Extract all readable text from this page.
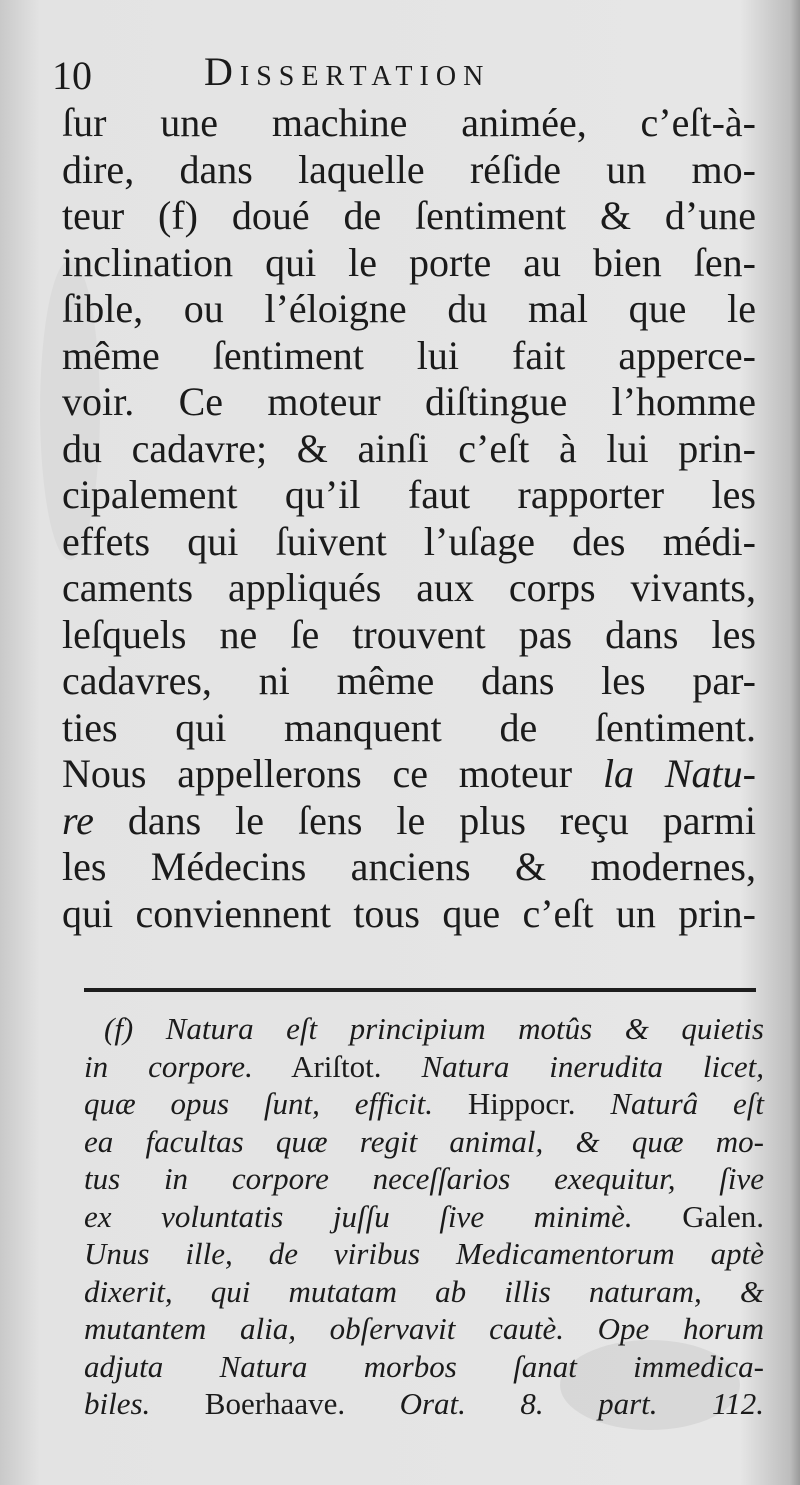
10	Dissertation
ſur une machine animée, c’eſt-à-
dire, dans laquelle réſide un mo-
teur (f) doué de ſentiment & d’une
inclination qui le porte au bien ſen-
ſible, ou l’éloigne du mal que le
même ſentiment lui fait apperce-
voir. Ce moteur diſtingue l’homme
du cadavre; & ainſi c’eſt à lui prin-
cipalement qu’il faut rapporter les
effets qui ſuivent l’uſage des médi-
caments appliqués aux corps vivants,
leſquels ne ſe trouvent pas dans les
cadavres, ni même dans les par-
ties qui manquent de ſentiment.
Nous appellerons ce moteur la Natu-
re dans le ſens le plus reçu parmi
les Médecins anciens & modernes,
qui conviennent tous que c’eſt un prin-
(f) Natura eſt principium motûs & quietis
in corpore. Ariſtot. Natura inerudita licet,
quæ opus ſunt, efficit. Hippocr. Naturâ eſt
ea facultas quæ regit animal, & quæ mo-
tus in corpore neceſſarios exequitur, ſive
ex voluntatis juſſu ſive minimè. Galen.
Unus ille, de viribus Medicamentorum aptè
dixerit, qui mutatam ab illis naturam, &
mutantem alia, obſervavit cautè. Ope horum
adjuta Natura morbos ſanat immedica-
biles. Boerhaave. Orat. 8. part. 112.
